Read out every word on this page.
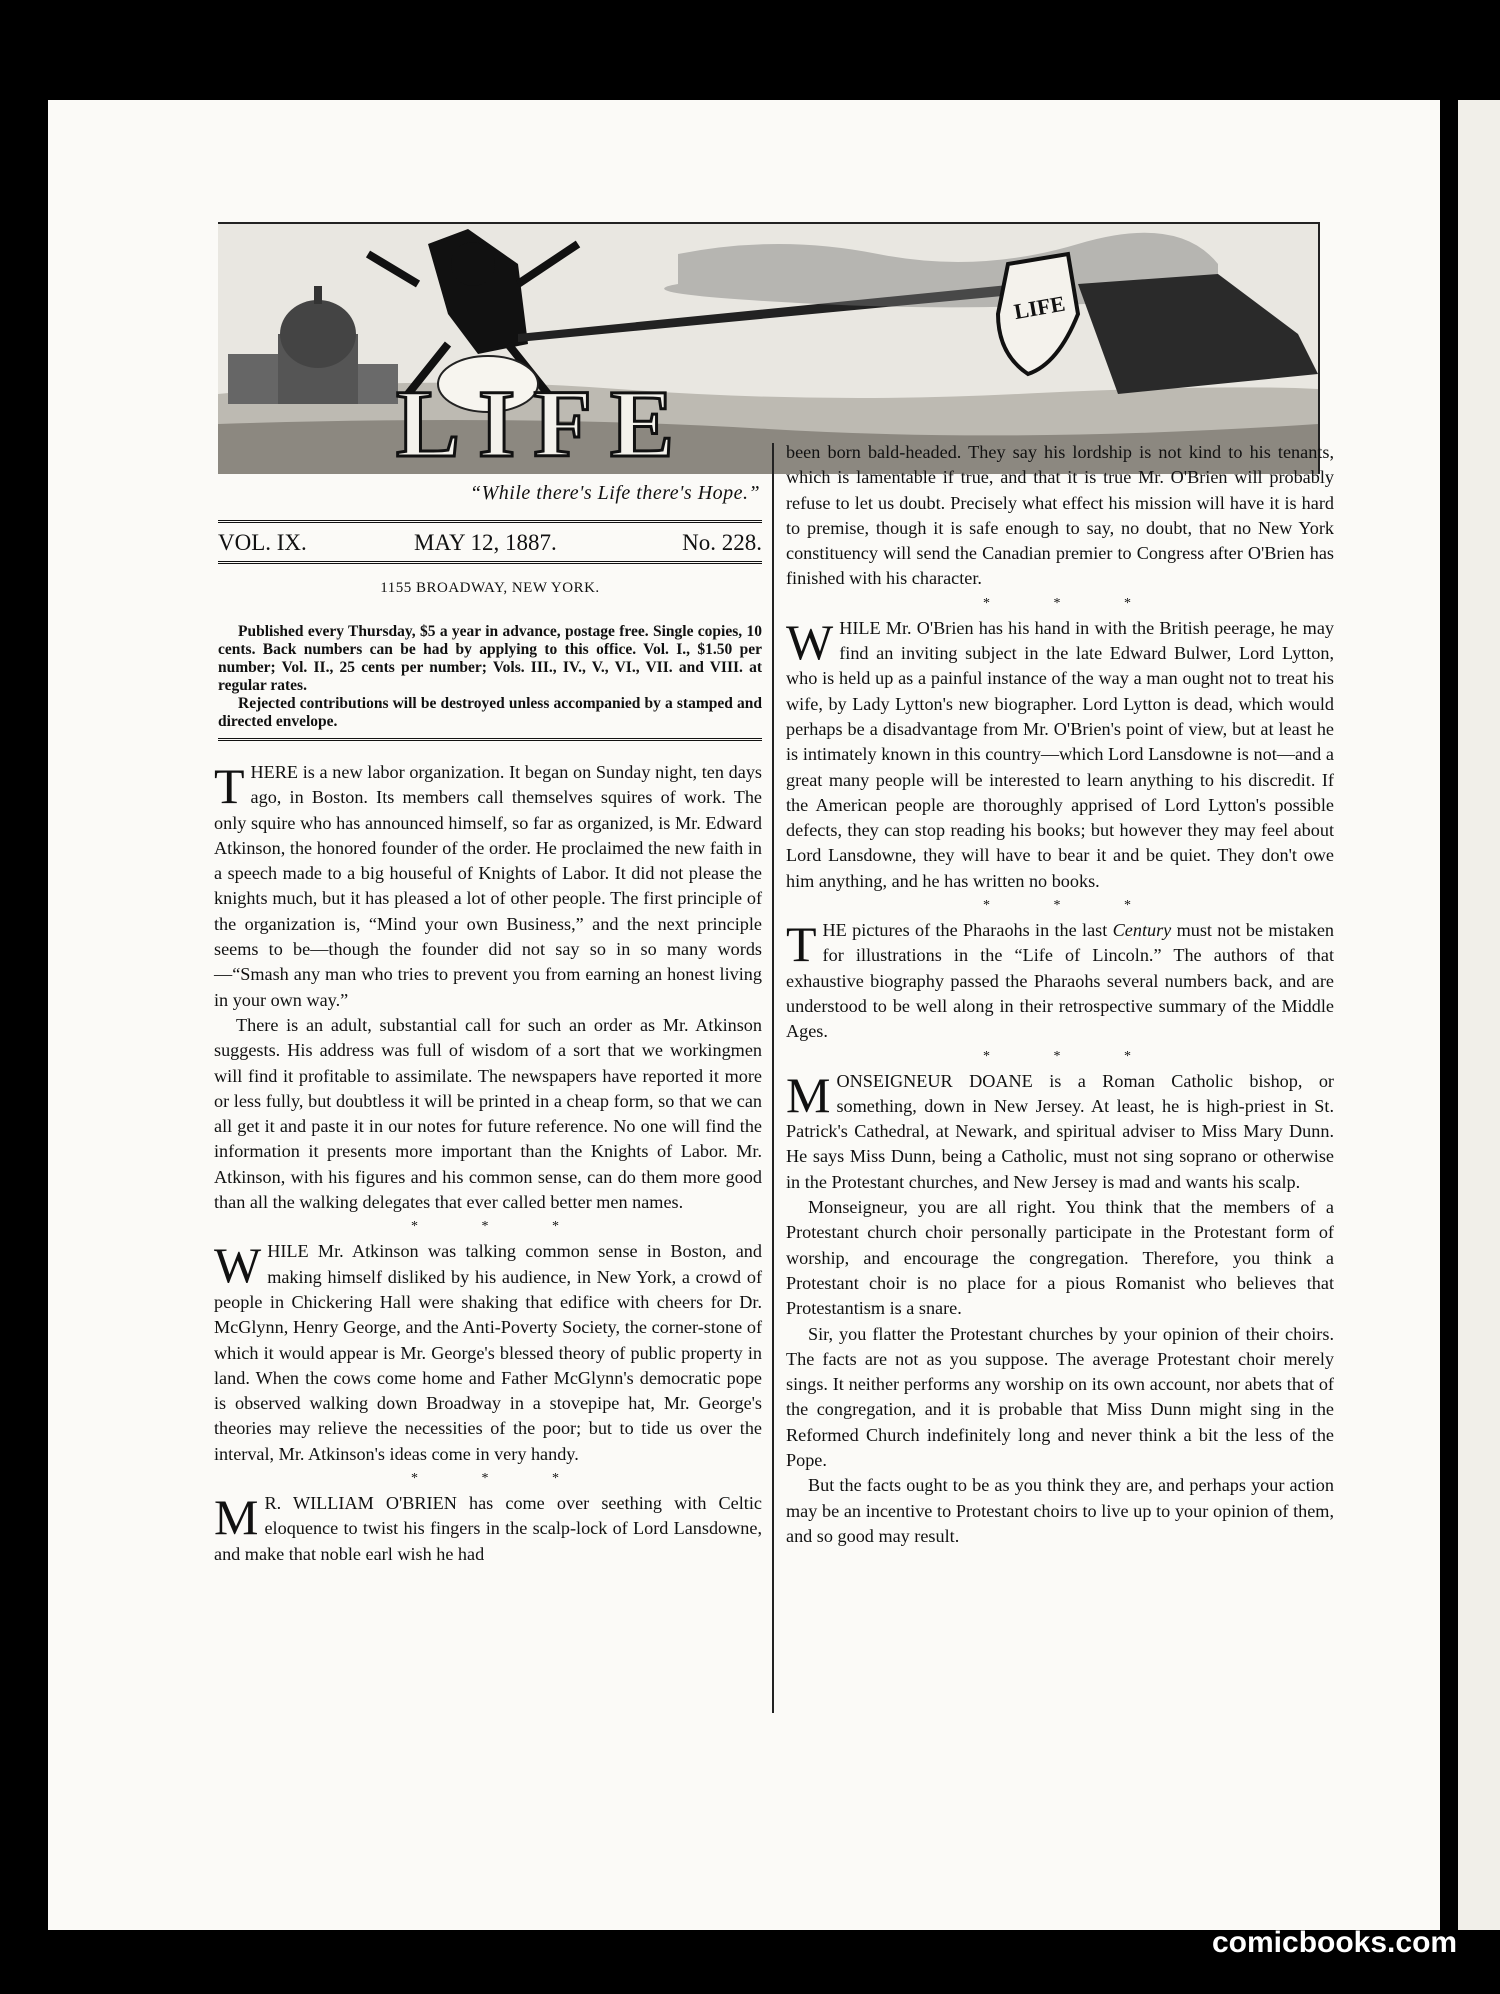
LIFE
LIFE
“While there's Life there's Hope.”
VOL. IX.	MAY 12, 1887.	No. 228.
1155 BROADWAY, NEW YORK.

Published every Thursday, $5 a year in advance, postage free. Single copies, 10 cents. Back numbers can be had by applying to this office. Vol. I., $1.50 per number; Vol. II., 25 cents per number; Vols. III., IV., V., VI., VII. and VIII. at regular rates.

Rejected contributions will be destroyed unless accompanied by a stamped and directed envelope.

THERE is a new labor organization. It began on Sunday night, ten days ago, in Boston. Its members call themselves squires of work. The only squire who has announced himself, so far as organized, is Mr. Edward Atkinson, the honored founder of the order. He proclaimed the new faith in a speech made to a big houseful of Knights of Labor. It did not please the knights much, but it has pleased a lot of other people. The first principle of the organization is, “Mind your own Business,” and the next principle seems to be—though the founder did not say so in so many words—“Smash any man who tries to prevent you from earning an honest living in your own way.”

There is an adult, substantial call for such an order as Mr. Atkinson suggests. His address was full of wisdom of a sort that we workingmen will find it profitable to assimilate. The newspapers have reported it more or less fully, but doubtless it will be printed in a cheap form, so that we can all get it and paste it in our notes for future reference. No one will find the information it presents more important than the Knights of Labor. Mr. Atkinson, with his figures and his common sense, can do them more good than all the walking delegates that ever called better men names.

* * *

WHILE Mr. Atkinson was talking common sense in Boston, and making himself disliked by his audience, in New York, a crowd of people in Chickering Hall were shaking that edifice with cheers for Dr. McGlynn, Henry George, and the Anti-Poverty Society, the corner-stone of which it would appear is Mr. George's blessed theory of public property in land. When the cows come home and Father McGlynn's democratic pope is observed walking down Broadway in a stovepipe hat, Mr. George's theories may relieve the necessities of the poor; but to tide us over the interval, Mr. Atkinson's ideas come in very handy.

* * *

M R. WILLIAM O'BRIEN has come over seething with Celtic eloquence to twist his fingers in the scalp-lock of Lord Lansdowne, and make that noble earl wish he had

been born bald-headed. They say his lordship is not kind to his tenants, which is lamentable if true, and that it is true Mr. O'Brien will probably refuse to let us doubt. Precisely what effect his mission will have it is hard to premise, though it is safe enough to say, no doubt, that no New York constituency will send the Canadian premier to Congress after O'Brien has finished with his character.

* * *

WHILE Mr. O'Brien has his hand in with the British peerage, he may find an inviting subject in the late Edward Bulwer, Lord Lytton, who is held up as a painful instance of the way a man ought not to treat his wife, by Lady Lytton's new biographer. Lord Lytton is dead, which would perhaps be a disadvantage from Mr. O'Brien's point of view, but at least he is intimately known in this country—which Lord Lansdowne is not—and a great many people will be interested to learn anything to his discredit. If the American people are thoroughly apprised of Lord Lytton's possible defects, they can stop reading his books; but however they may feel about Lord Lansdowne, they will have to bear it and be quiet. They don't owe him anything, and he has written no books.

* * *

THE pictures of the Pharaohs in the last Century must not be mistaken for illustrations in the “Life of Lincoln.” The authors of that exhaustive biography passed the Pharaohs several numbers back, and are understood to be well along in their retrospective summary of the Middle Ages.

* * *

MONSEIGNEUR DOANE is a Roman Catholic bishop, or something, down in New Jersey. At least, he is high-priest in St. Patrick's Cathedral, at Newark, and spiritual adviser to Miss Mary Dunn. He says Miss Dunn, being a Catholic, must not sing soprano or otherwise in the Protestant churches, and New Jersey is mad and wants his scalp.

Monseigneur, you are all right. You think that the members of a Protestant church choir personally participate in the Protestant form of worship, and encourage the congregation. Therefore, you think a Protestant choir is no place for a pious Romanist who believes that Protestantism is a snare.

Sir, you flatter the Protestant churches by your opinion of their choirs. The facts are not as you suppose. The average Protestant choir merely sings. It neither performs any worship on its own account, nor abets that of the congregation, and it is probable that Miss Dunn might sing in the Reformed Church indefinitely long and never think a bit the less of the Pope.

But the facts ought to be as you think they are, and perhaps your action may be an incentive to Protestant choirs to live up to your opinion of them, and so good may result.

comicbooks.com
